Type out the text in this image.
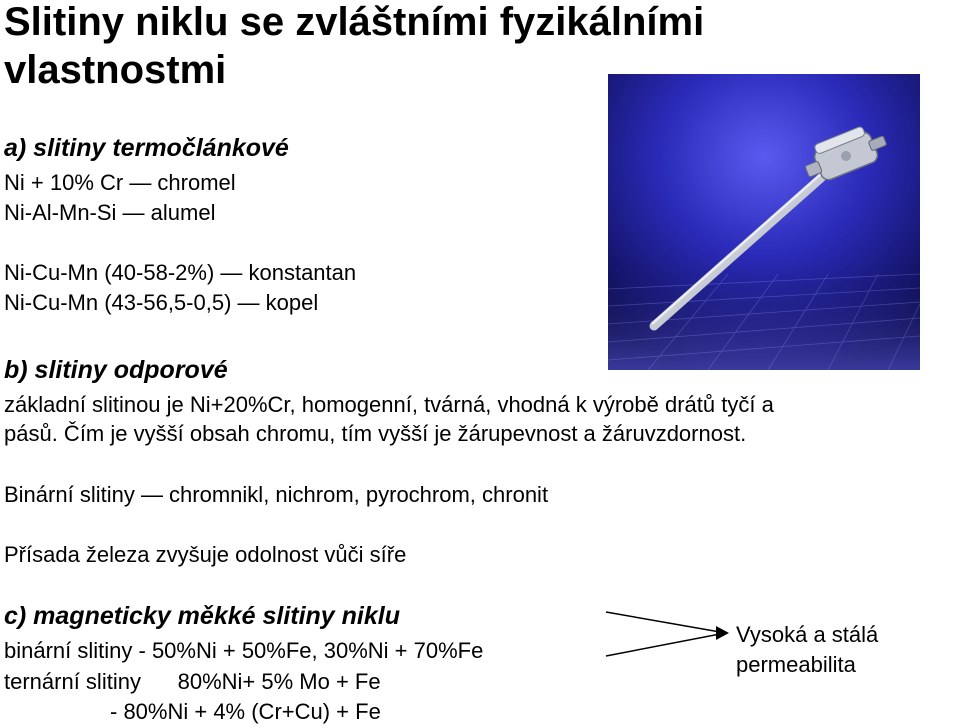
Slitiny niklu se zvláštními fyzikálními
vlastnostmi
a) slitiny termočlánkové
Ni + 10% Cr — chromel
Ni-Al-Mn-Si — alumel
Ni-Cu-Mn (40-58-2%) — konstantan
Ni-Cu-Mn (43-56,5-0,5) — kopel
b) slitiny odporové
základní slitinou je Ni+20%Cr, homogenní, tvárná, vhodná k výrobě drátů tyčí a
pásů. Čím je vyšší obsah chromu, tím vyšší je žárupevnost a žáruvzdornost.
Binární slitiny — chromnikl, nichrom, pyrochrom, chronit
Přísada železa zvyšuje odolnost vůči síře
c) magneticky měkké slitiny niklu
binární slitiny - 50%Ni + 50%Fe, 30%Ni + 70%Fe
ternární slitiny      80%Ni+ 5% Mo + Fe
- 80%Ni + 4% (Cr+Cu) + Fe
Vysoká a stálá
permeabilita
